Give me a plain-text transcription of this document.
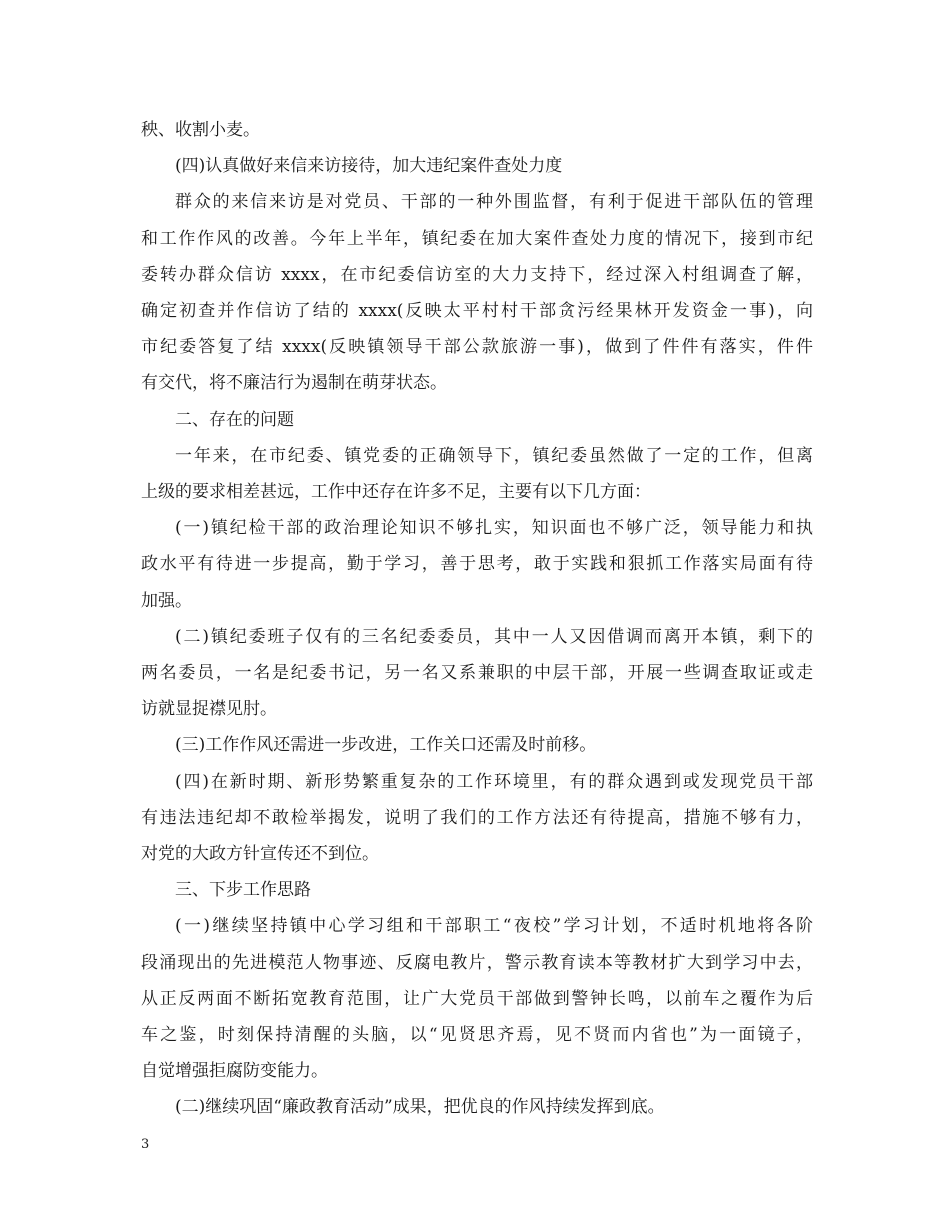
秧、收割小麦。

(四)认真做好来信来访接待，加大违纪案件查处力度

群众的来信来访是对党员、干部的一种外围监督，有利于促进干部队伍的管理
和工作作风的改善。今年上半年，镇纪委在加大案件查处力度的情况下，接到市纪
委转办群众信访 xxxx，在市纪委信访室的大力支持下，经过深入村组调查了解，
确定初查并作信访了结的 xxxx(反映太平村村干部贪污经果林开发资金一事)，向
市纪委答复了结 xxxx(反映镇领导干部公款旅游一事)，做到了件件有落实，件件
有交代，将不廉洁行为遏制在萌芽状态。

二、存在的问题

一年来，在市纪委、镇党委的正确领导下，镇纪委虽然做了一定的工作，但离
上级的要求相差甚远，工作中还存在许多不足，主要有以下几方面：

(一)镇纪检干部的政治理论知识不够扎实，知识面也不够广泛，领导能力和执
政水平有待进一步提高，勤于学习，善于思考，敢于实践和狠抓工作落实局面有待
加强。

(二)镇纪委班子仅有的三名纪委委员，其中一人又因借调而离开本镇，剩下的
两名委员，一名是纪委书记，另一名又系兼职的中层干部，开展一些调查取证或走
访就显捉襟见肘。

(三)工作作风还需进一步改进，工作关口还需及时前移。

(四)在新时期、新形势繁重复杂的工作环境里，有的群众遇到或发现党员干部
有违法违纪却不敢检举揭发，说明了我们的工作方法还有待提高，措施不够有力，
对党的大政方针宣传还不到位。

三、下步工作思路

(一)继续坚持镇中心学习组和干部职工“夜校”学习计划，不适时机地将各阶
段涌现出的先进模范人物事迹、反腐电教片，警示教育读本等教材扩大到学习中去，
从正反两面不断拓宽教育范围，让广大党员干部做到警钟长鸣，以前车之覆作为后
车之鉴，时刻保持清醒的头脑，以“见贤思齐焉，见不贤而内省也”为一面镜子，
自觉增强拒腐防变能力。

(二)继续巩固“廉政教育活动”成果，把优良的作风持续发挥到底。

3
